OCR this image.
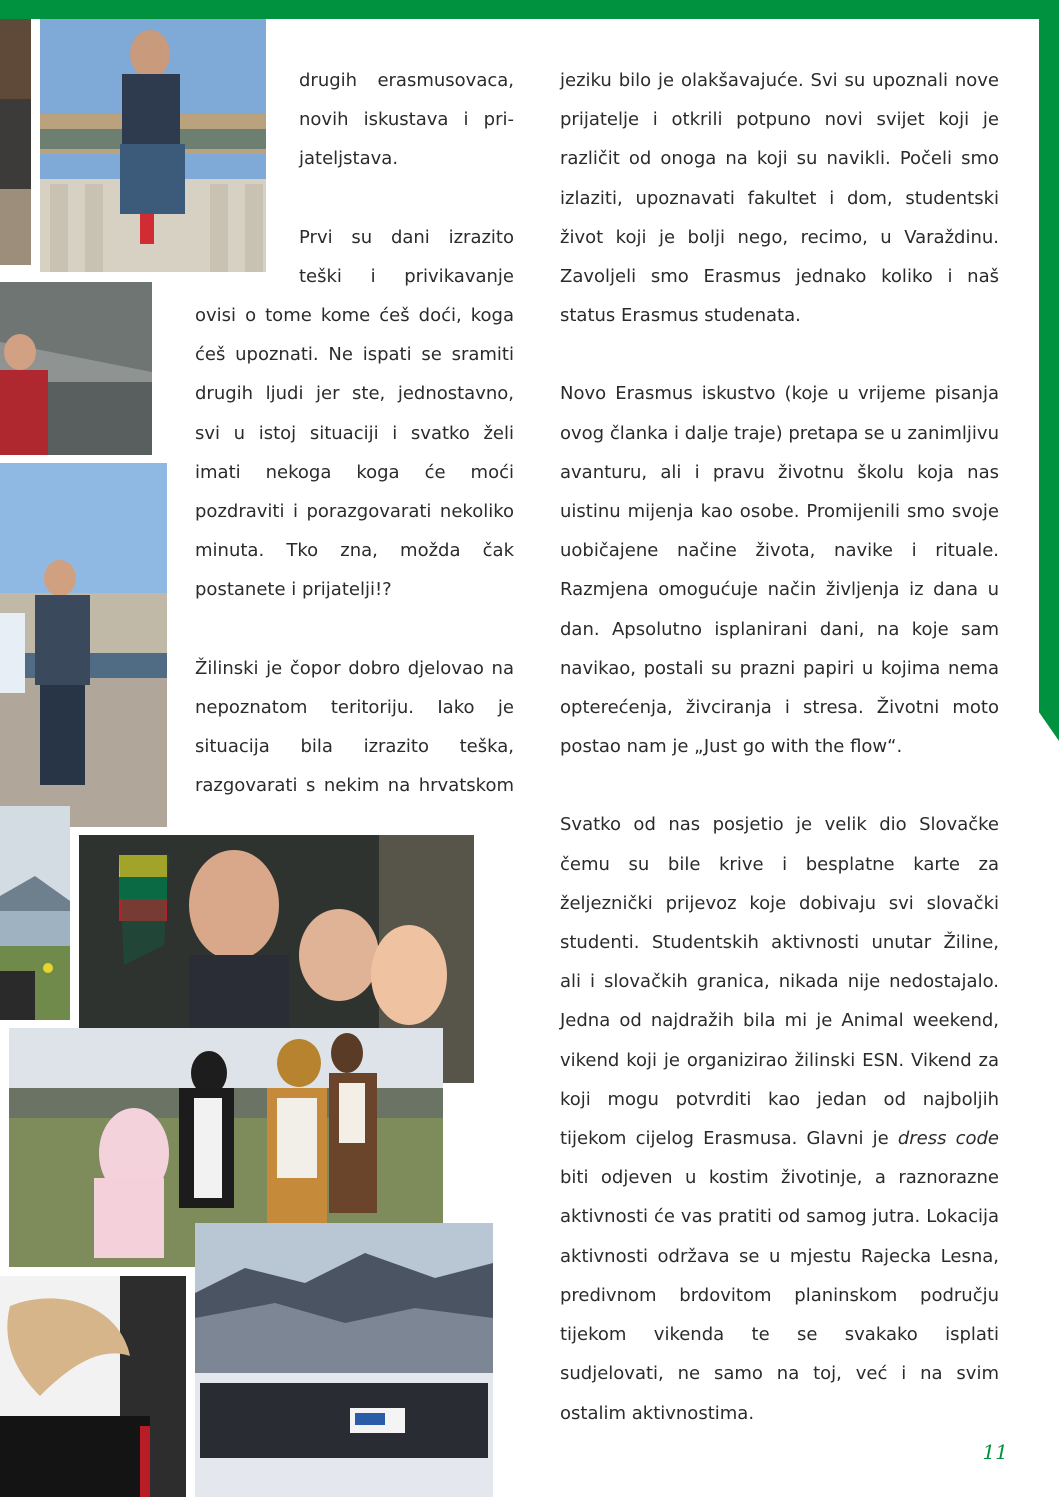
drugih erasmusovaca,
novih iskustava i pri-
jateljstava.

Prvi su dani izrazito
teški i privikavanje

ovisi o tome kome ćeš doći, koga ćeš upoznati. Ne ispati se sramiti drugih ljudi jer ste, jednostavno, svi u istoj situaciji i svatko želi imati nekoga koga će moći pozdraviti i porazgovarati nekoliko minuta. Tko zna, možda čak postanete i prijatelji!?

Žilinski je čopor dobro djelovao na nepoznatom teritoriju. Iako je situacija bila izrazito teška, razgovarati s nekim na hrvatskom

jeziku bilo je olakšavajuće. Svi su upoznali nove prijatelje i otkrili potpuno novi svijet koji je različit od onoga na koji su navikli. Počeli smo izlaziti, upoznavati fakultet i dom, studentski život koji je bolji nego, recimo, u Varaždinu. Zavoljeli smo Erasmus jednako koliko i naš status Erasmus studenata.

Novo Erasmus iskustvo (koje u vrijeme pisanja ovog članka i dalje traje) pretapa se u zanimljivu avanturu, ali i pravu životnu školu koja nas uistinu mijenja kao osobe. Promijenili smo svoje uobičajene načine života, navike i rituale. Razmjena omogućuje način življenja iz dana u dan. Apsolutno isplanirani dani, na koje sam navikao, postali su prazni papiri u kojima nema opterećenja, živciranja i stresa. Životni moto postao nam je „Just go with the flow“.

Svatko od nas posjetio je velik dio Slovačke čemu su bile krive i besplatne karte za željeznički prijevoz koje dobivaju svi slovački studenti. Studentskih aktivnosti unutar Žiline, ali i slovačkih granica, nikada nije nedostajalo. Jedna od najdražih bila mi je Animal weekend, vikend koji je organizirao žilinski ESN. Vikend za koji mogu potvrditi kao jedan od najboljih tijekom cijelog Erasmusa. Glavni je dress code biti odjeven u kostim životinje, a raznorazne aktivnosti će vas pratiti od samog jutra. Lokacija aktivnosti održava se u mjestu Rajecka Lesna, predivnom brdovitom planinskom području tijekom vikenda te se svakako isplati sudjelovati, ne samo na toj, već i na svim ostalim aktivnostima.

11
